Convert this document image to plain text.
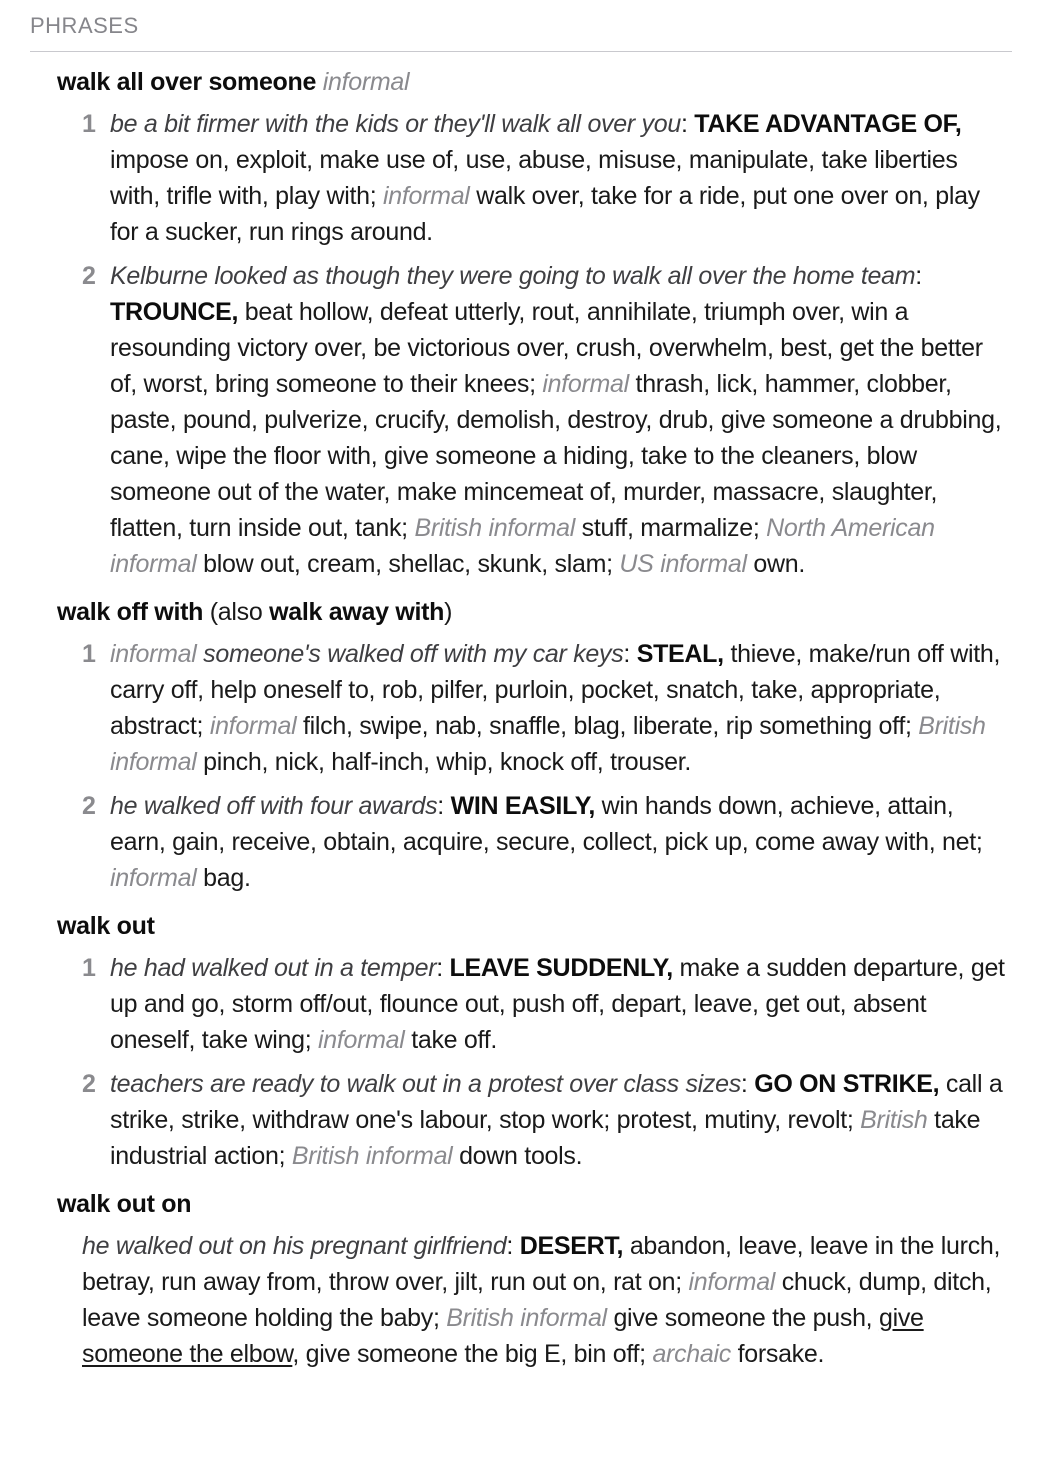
PHRASES
walk all over someone informal
1 be a bit firmer with the kids or they'll walk all over you: TAKE ADVANTAGE OF, impose on, exploit, make use of, use, abuse, misuse, manipulate, take liberties with, trifle with, play with; informal walk over, take for a ride, put one over on, play for a sucker, run rings around.
2 Kelburne looked as though they were going to walk all over the home team: TROUNCE, beat hollow, defeat utterly, rout, annihilate, triumph over, win a resounding victory over, be victorious over, crush, overwhelm, best, get the better of, worst, bring someone to their knees; informal thrash, lick, hammer, clobber, paste, pound, pulverize, crucify, demolish, destroy, drub, give someone a drubbing, cane, wipe the floor with, give someone a hiding, take to the cleaners, blow someone out of the water, make mincemeat of, murder, massacre, slaughter, flatten, turn inside out, tank; British informal stuff, marmalize; North American informal blow out, cream, shellac, skunk, slam; US informal own.
walk off with (also walk away with)
1 informal someone's walked off with my car keys: STEAL, thieve, make/run off with, carry off, help oneself to, rob, pilfer, purloin, pocket, snatch, take, appropriate, abstract; informal filch, swipe, nab, snaffle, blag, liberate, rip something off; British informal pinch, nick, half-inch, whip, knock off, trouser.
2 he walked off with four awards: WIN EASILY, win hands down, achieve, attain, earn, gain, receive, obtain, acquire, secure, collect, pick up, come away with, net; informal bag.
walk out
1 he had walked out in a temper: LEAVE SUDDENLY, make a sudden departure, get up and go, storm off/out, flounce out, push off, depart, leave, get out, absent oneself, take wing; informal take off.
2 teachers are ready to walk out in a protest over class sizes: GO ON STRIKE, call a strike, strike, withdraw one's labour, stop work; protest, mutiny, revolt; British take industrial action; British informal down tools.
walk out on
he walked out on his pregnant girlfriend: DESERT, abandon, leave, leave in the lurch, betray, run away from, throw over, jilt, run out on, rat on; informal chuck, dump, ditch, leave someone holding the baby; British informal give someone the push, give someone the elbow, give someone the big E, bin off; archaic forsake.
